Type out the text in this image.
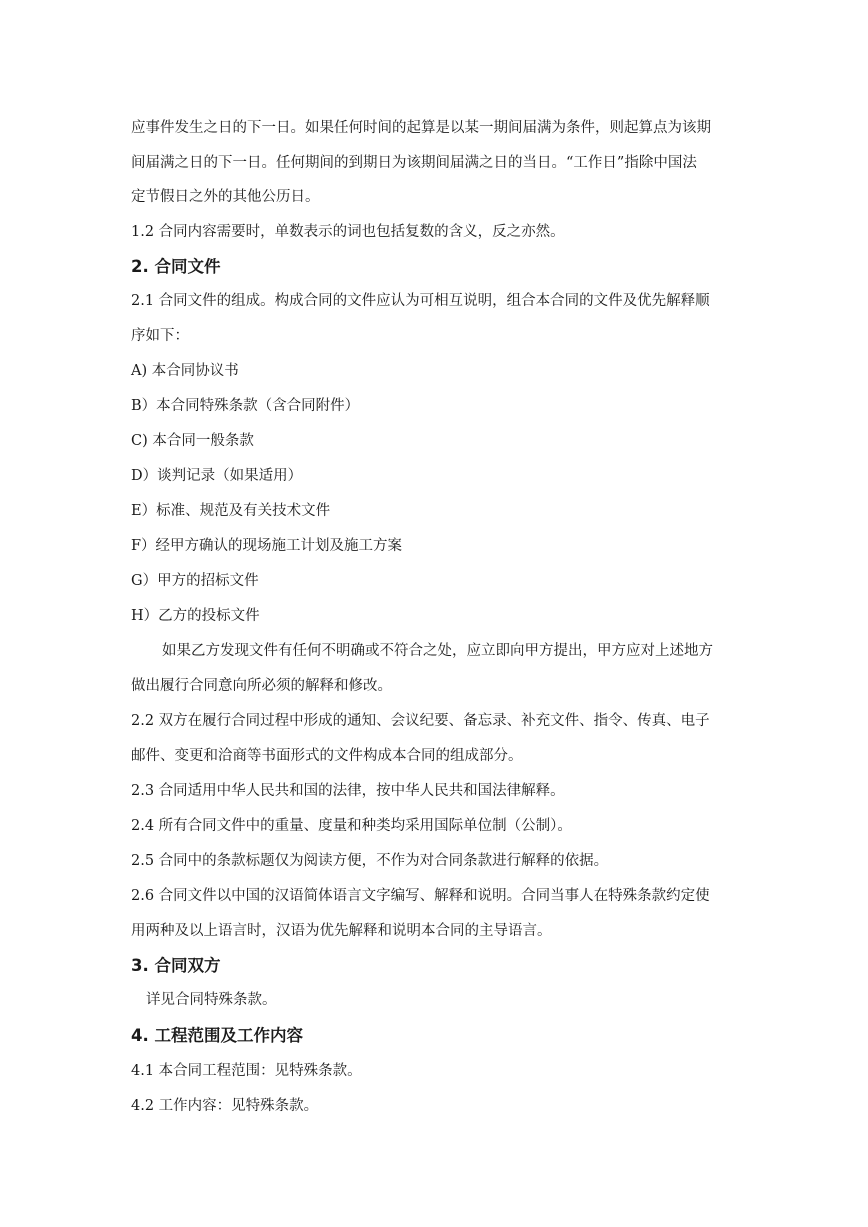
应事件发生之日的下一日。如果任何时间的起算是以某一期间届满为条件，则起算点为该期
间届满之日的下一日。任何期间的到期日为该期间届满之日的当日。“工作日”指除中国法
定节假日之外的其他公历日。
1.2 合同内容需要时，单数表示的词也包括复数的含义，反之亦然。
2. 合同文件
2.1 合同文件的组成。构成合同的文件应认为可相互说明，组合本合同的文件及优先解释顺
序如下：
A) 本合同协议书
B）本合同特殊条款（含合同附件）
C) 本合同一般条款
D）谈判记录（如果适用）
E）标准、规范及有关技术文件
F）经甲方确认的现场施工计划及施工方案
G）甲方的招标文件
H）乙方的投标文件
如果乙方发现文件有任何不明确或不符合之处，应立即向甲方提出，甲方应对上述地方
做出履行合同意向所必须的解释和修改。
2.2 双方在履行合同过程中形成的通知、会议纪要、备忘录、补充文件、指令、传真、电子
邮件、变更和洽商等书面形式的文件构成本合同的组成部分。
2.3 合同适用中华人民共和国的法律，按中华人民共和国法律解释。
2.4 所有合同文件中的重量、度量和种类均采用国际单位制（公制）。
2.5 合同中的条款标题仅为阅读方便，不作为对合同条款进行解释的依据。
2.6 合同文件以中国的汉语简体语言文字编写、解释和说明。合同当事人在特殊条款约定使
用两种及以上语言时，汉语为优先解释和说明本合同的主导语言。
3. 合同双方
详见合同特殊条款。
4. 工程范围及工作内容
4.1 本合同工程范围：见特殊条款。
4.2 工作内容：见特殊条款。
